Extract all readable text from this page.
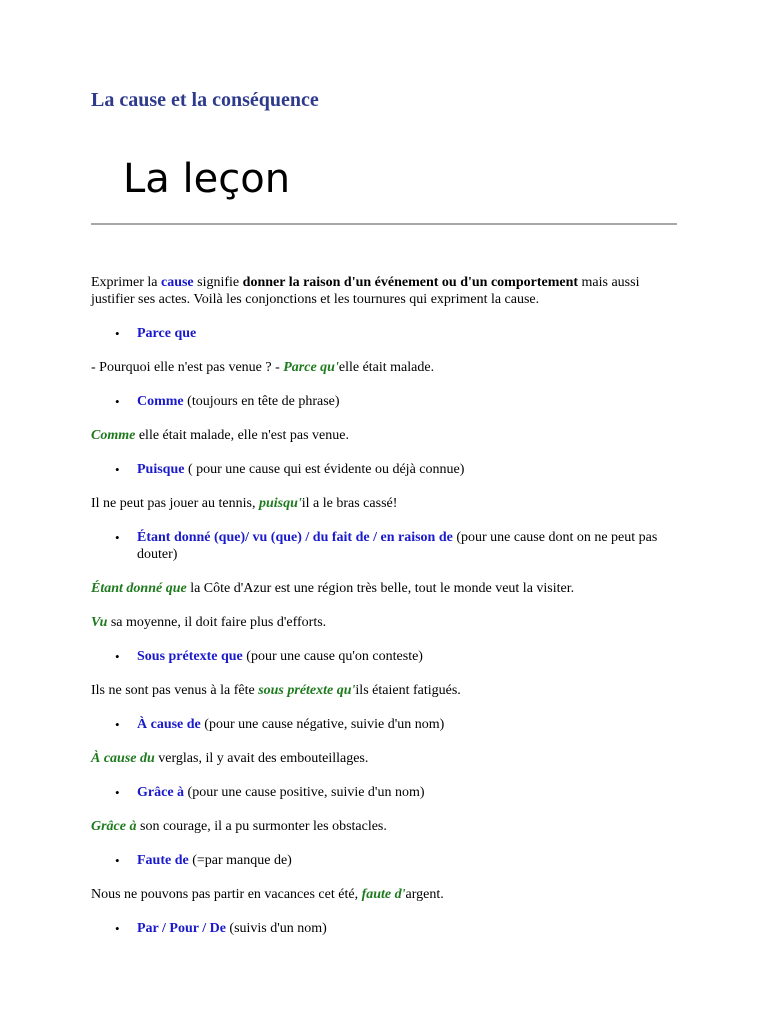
La cause et la conséquence
La leçon

Exprimer la cause signifie donner la raison d'un événement ou d'un comportement mais aussi justifier ses actes. Voilà les conjonctions et les tournures qui expriment la cause.

• Parce que

- Pourquoi elle n'est pas venue ? - Parce qu'elle était malade.

• Comme (toujours en tête de phrase)

Comme elle était malade, elle n'est pas venue.

• Puisque ( pour une cause qui est évidente ou déjà connue)

Il ne peut pas jouer au tennis, puisqu'il a le bras cassé!

• Étant donné (que)/ vu (que) / du fait de / en raison de (pour une cause dont on ne peut pas douter)

Étant donné que la Côte d'Azur est une région très belle, tout le monde veut la visiter.

Vu sa moyenne, il doit faire plus d'efforts.

• Sous prétexte que (pour une cause qu'on conteste)

Ils ne sont pas venus à la fête sous prétexte qu'ils étaient fatigués.

• À cause de (pour une cause négative, suivie d'un nom)

À cause du verglas, il y avait des embouteillages.

• Grâce à (pour une cause positive, suivie d'un nom)

Grâce à son courage, il a pu surmonter les obstacles.

• Faute de (=par manque de)

Nous ne pouvons pas partir en vacances cet été, faute d'argent.

• Par / Pour / De (suivis d'un nom)
